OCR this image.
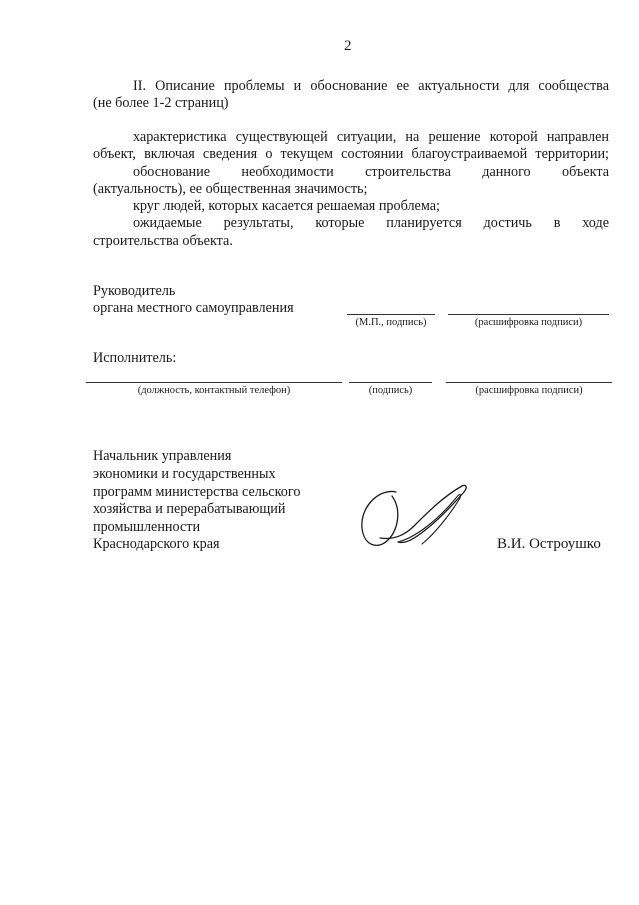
2
II. Описание проблемы и обоснование ее актуальности для сообщества
(не более 1-2 страниц)
характеристика существующей ситуации, на решение которой направлен
объект, включая сведения о текущем состоянии благоустраиваемой территории;
обоснование необходимости строительства данного объекта
(актуальность), ее общественная значимость;
круг людей, которых касается решаемая проблема;
ожидаемые результаты, которые планируется достичь в ходе
строительства объекта.
Руководитель
органа местного самоуправления
(М.П., подпись)	(расшифровка подписи)
Исполнитель:
(должность, контактный телефон)	(подпись)	(расшифровка подписи)
Начальник управления
экономики и государственных
программ министерства сельского
хозяйства и перерабатывающий
промышленности
Краснодарского края	В.И. Остроушко
